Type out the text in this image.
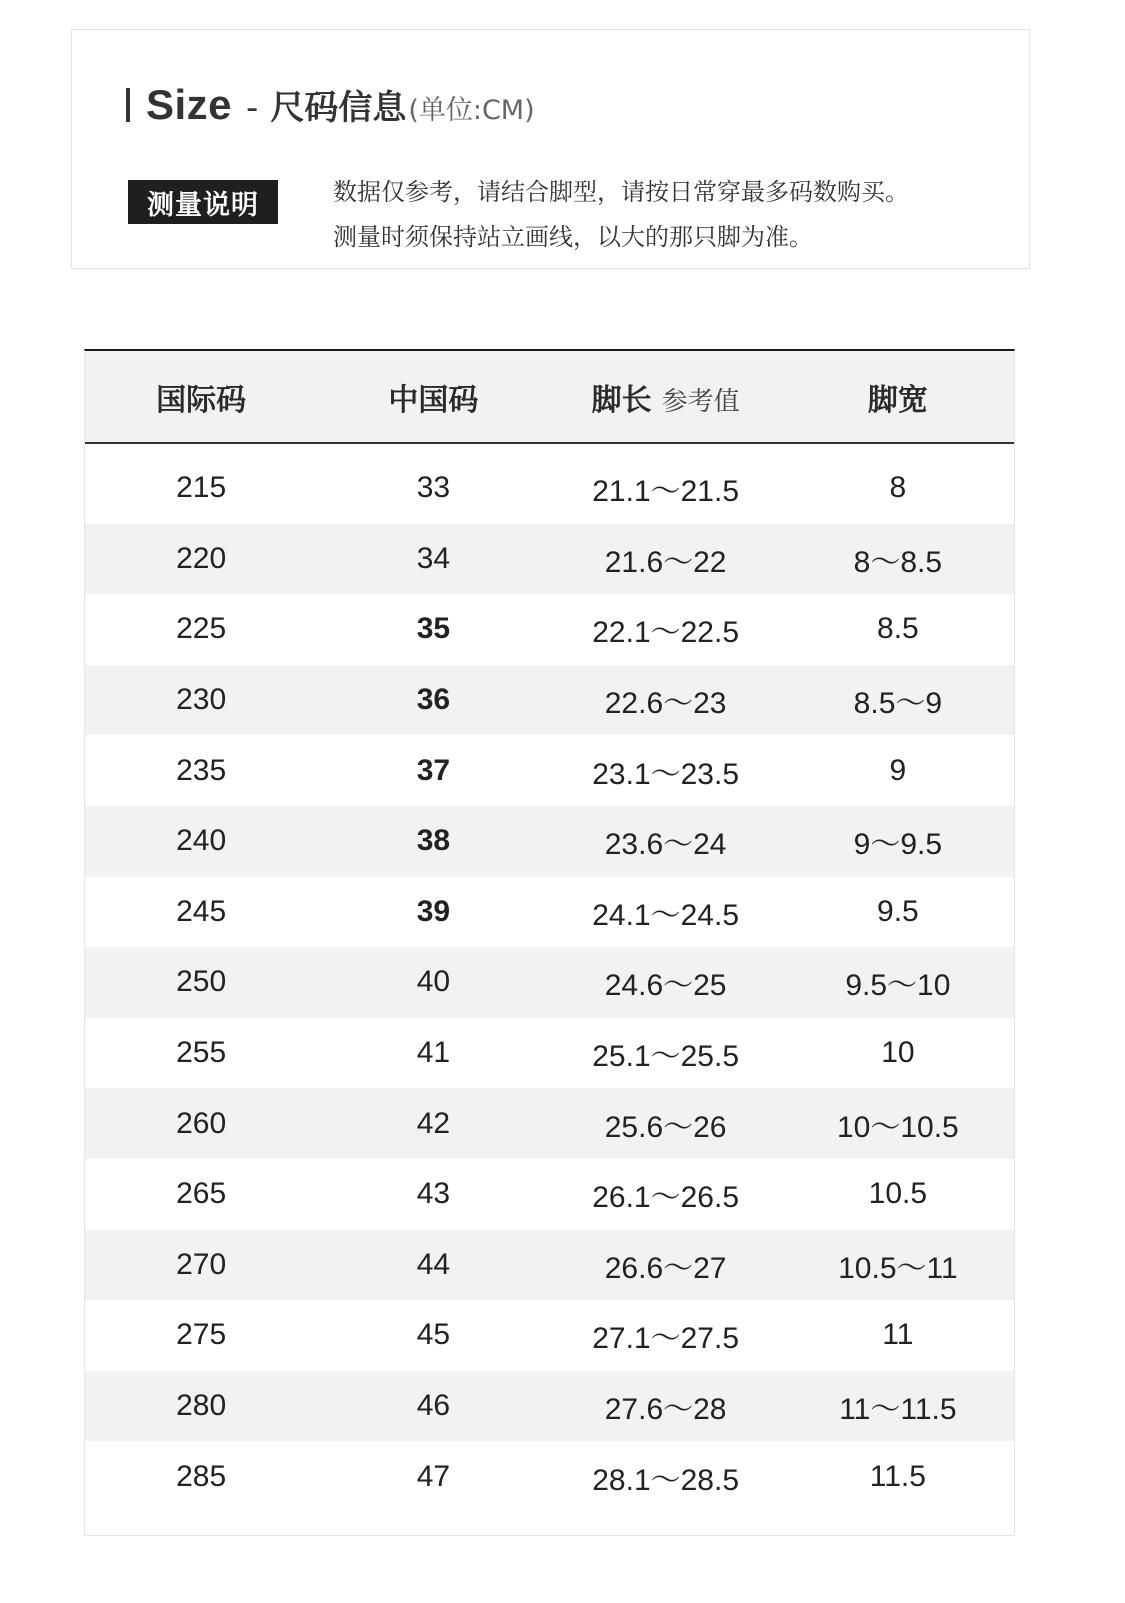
Size - 尺码信息 (单位:CM)
测量说明	数据仅参考，请结合脚型，请按日常穿最多码数购买。
测量时须保持站立画线，以大的那只脚为准。
国际码	中国码	脚长 参考值	脚宽
215	33	21.1～21.5	8
220	34	21.6～22	8～8.5
225	35	22.1～22.5	8.5
230	36	22.6～23	8.5～9
235	37	23.1～23.5	9
240	38	23.6～24	9～9.5
245	39	24.1～24.5	9.5
250	40	24.6～25	9.5～10
255	41	25.1～25.5	10
260	42	25.6～26	10～10.5
265	43	26.1～26.5	10.5
270	44	26.6～27	10.5～11
275	45	27.1～27.5	11
280	46	27.6～28	11～11.5
285	47	28.1～28.5	11.5
